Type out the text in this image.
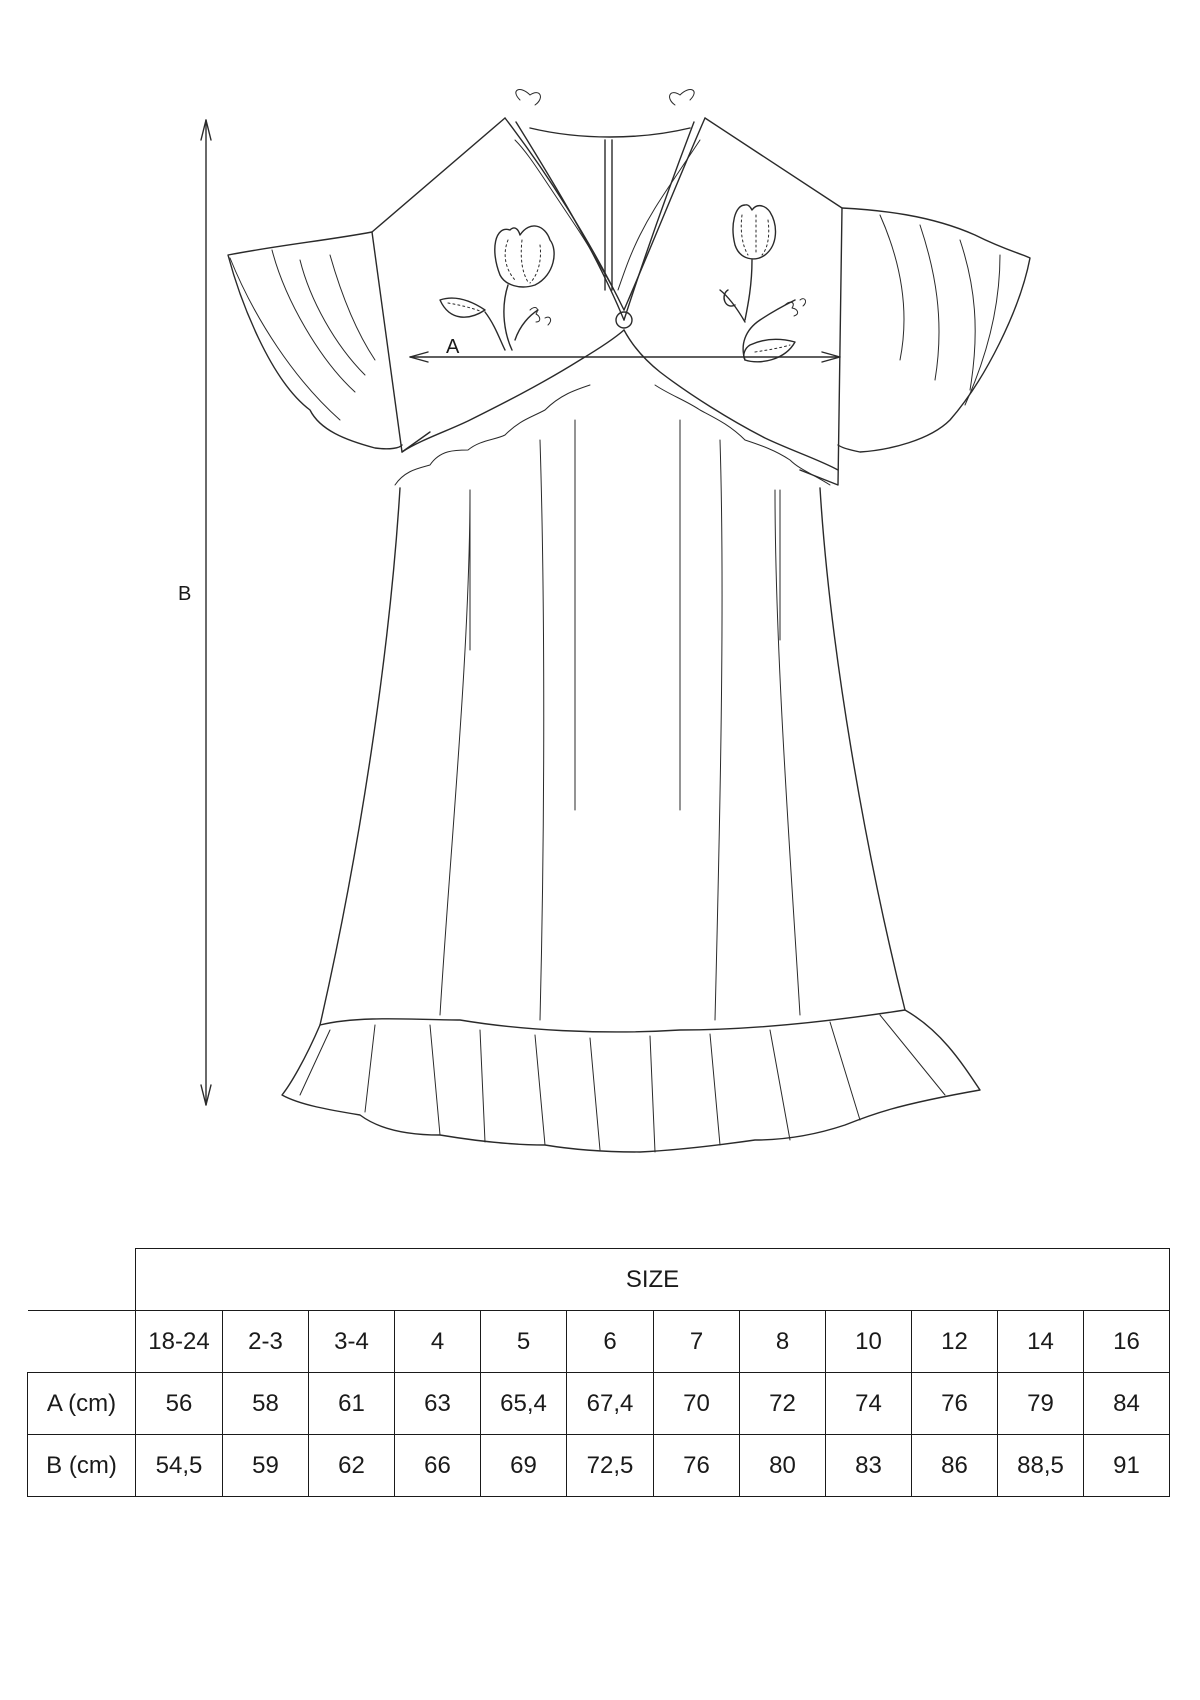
B
A
	SIZE											
	18-24	2-3	3-4	4	5	6	7	8	10	12	14	16
A (cm)	56	58	61	63	65,4	67,4	70	72	74	76	79	84
B (cm)	54,5	59	62	66	69	72,5	76	80	83	86	88,5	91
